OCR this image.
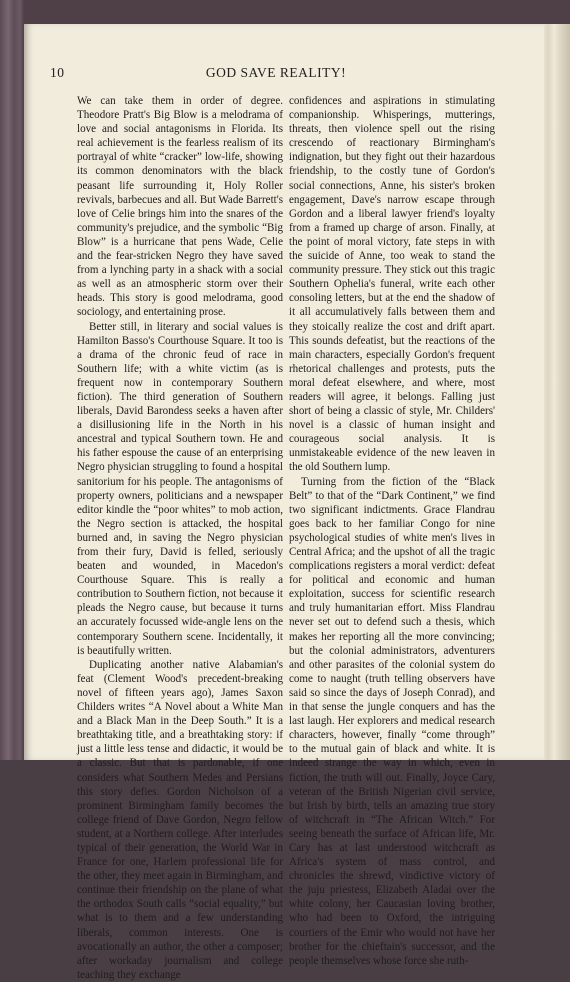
10	GOD SAVE REALITY!

We can take them in order of degree. Theodore Pratt's Big Blow is a melodrama of love and social antagonisms in Florida. Its real achievement is the fearless realism of its portrayal of white “cracker” low-life, showing its common denominators with the black peasant life surrounding it, Holy Roller revivals, barbecues and all. But Wade Barrett's love of Celie brings him into the snares of the community's prejudice, and the symbolic “Big Blow” is a hurricane that pens Wade, Celie and the fear-stricken Negro they have saved from a lynching party in a shack with a social as well as an atmospheric storm over their heads. This story is good melodrama, good sociology, and entertaining prose.

Better still, in literary and social values is Hamilton Basso's Courthouse Square. It too is a drama of the chronic feud of race in Southern life; with a white victim (as is frequent now in contemporary Southern fiction). The third generation of Southern liberals, David Barondess seeks a haven after a disillusioning life in the North in his ancestral and typical Southern town. He and his father espouse the cause of an enterprising Negro physician struggling to found a hospital sanitorium for his people. The antagonisms of property owners, politicians and a newspaper editor kindle the “poor whites” to mob action, the Negro section is attacked, the hospital burned and, in saving the Negro physician from their fury, David is felled, seriously beaten and wounded, in Macedon's Courthouse Square. This is really a contribution to Southern fiction, not because it pleads the Negro cause, but because it turns an accurately focussed wide-angle lens on the contemporary Southern scene. Incidentally, it is beautifully written.

Duplicating another native Alabamian's feat (Clement Wood's precedent-breaking novel of fifteen years ago), James Saxon Childers writes “A Novel about a White Man and a Black Man in the Deep South.” It is a breathtaking title, and a breathtaking story: if just a little less tense and didactic, it would be a classic. But that is pardonable, if one considers what Southern Medes and Persians this story defies. Gordon Nicholson of a prominent Birmingham family becomes the college friend of Dave Gordon, Negro fellow student, at a Northern college. After interludes typical of their generation, the World War in France for one, Harlem professional life for the other, they meet again in Birmingham, and continue their friendship on the plane of what the orthodox South calls “social equality,” but what is to them and a few understanding liberals, common interests. One is avocationally an author, the other a composer; after workaday journalism and college teaching they exchange

confidences and aspirations in stimulating companionship. Whisperings, mutterings, threats, then violence spell out the rising crescendo of reactionary Birmingham's indignation, but they fight out their hazardous friendship, to the costly tune of Gordon's social connections, Anne, his sister's broken engagement, Dave's narrow escape through Gordon and a liberal lawyer friend's loyalty from a framed up charge of arson. Finally, at the point of moral victory, fate steps in with the suicide of Anne, too weak to stand the community pressure. They stick out this tragic Southern Ophelia's funeral, write each other consoling letters, but at the end the shadow of it all accumulatively falls between them and they stoically realize the cost and drift apart. This sounds defeatist, but the reactions of the main characters, especially Gordon's frequent rhetorical challenges and protests, puts the moral defeat elsewhere, and where, most readers will agree, it belongs. Falling just short of being a classic of style, Mr. Childers' novel is a classic of human insight and courageous social analysis. It is unmistakeable evidence of the new leaven in the old Southern lump.

Turning from the fiction of the “Black Belt” to that of the “Dark Continent,” we find two significant indictments. Grace Flandrau goes back to her familiar Congo for nine psychological studies of white men's lives in Central Africa; and the upshot of all the tragic complications registers a moral verdict: defeat for political and economic and human exploitation, success for scientific research and truly humanitarian effort. Miss Flandrau never set out to defend such a thesis, which makes her reporting all the more convincing; but the colonial administrators, adventurers and other parasites of the colonial system do come to naught (truth telling observers have said so since the days of Joseph Conrad), and in that sense the jungle conquers and has the last laugh. Her explorers and medical research characters, however, finally “come through” to the mutual gain of black and white. It is indeed strange the way in which, even in fiction, the truth will out. Finally, Joyce Cary, veteran of the British Nigerian civil service, but Irish by birth, tells an amazing true story of witchcraft in “The African Witch.” For seeing beneath the surface of African life, Mr. Cary has at last understood witchcraft as Africa's system of mass control, and chronicles the shrewd, vindictive victory of the juju priestess, Elizabeth Aladai over the white colony, her Caucasian loving brother, who had been to Oxford, the intriguing courtiers of the Emir who would not have her brother for the chieftain's successor, and the people themselves whose force she ruth-
